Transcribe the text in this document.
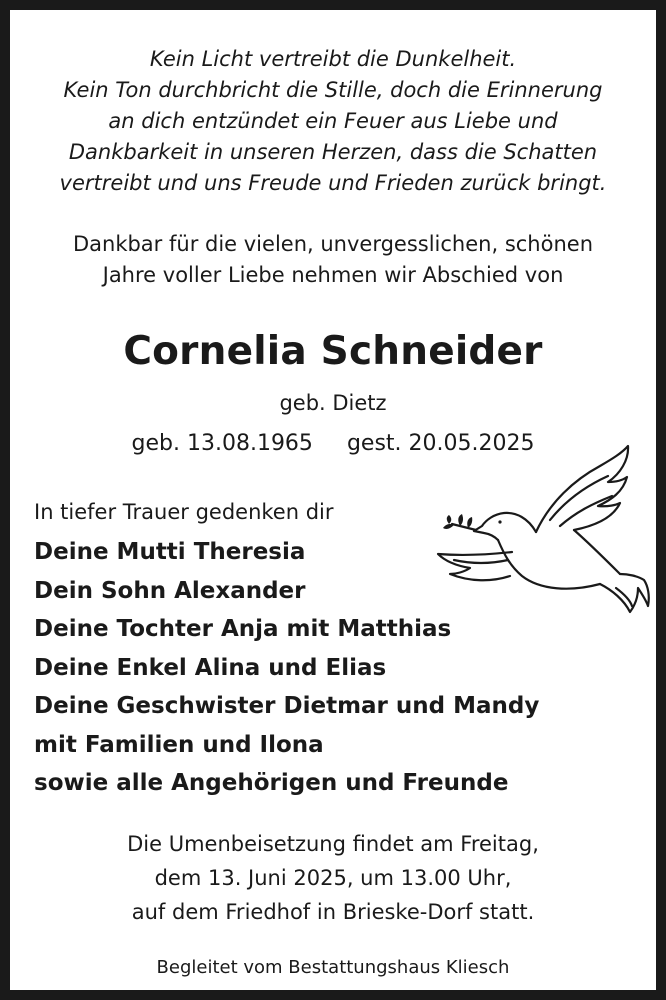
Kein Licht vertreibt die Dunkelheit.
Kein Ton durchbricht die Stille, doch die Erinnerung
an dich entzündet ein Feuer aus Liebe und
Dankbarkeit in unseren Herzen, dass die Schatten
vertreibt und uns Freude und Frieden zurück bringt.
Dankbar für die vielen, unvergesslichen, schönen
Jahre voller Liebe nehmen wir Abschied von
Cornelia Schneider
geb. Dietz
geb. 13.08.1965 gest. 20.05.2025
In tiefer Trauer gedenken dir
Deine Mutti Theresia
Dein Sohn Alexander
Deine Tochter Anja mit Matthias
Deine Enkel Alina und Elias
Deine Geschwister Dietmar und Mandy
mit Familien und Ilona
sowie alle Angehörigen und Freunde
Die Umenbeisetzung findet am Freitag,
dem 13. Juni 2025, um 13.00 Uhr,
auf dem Friedhof in Brieske-Dorf statt.
Begleitet vom Bestattungshaus Kliesch
